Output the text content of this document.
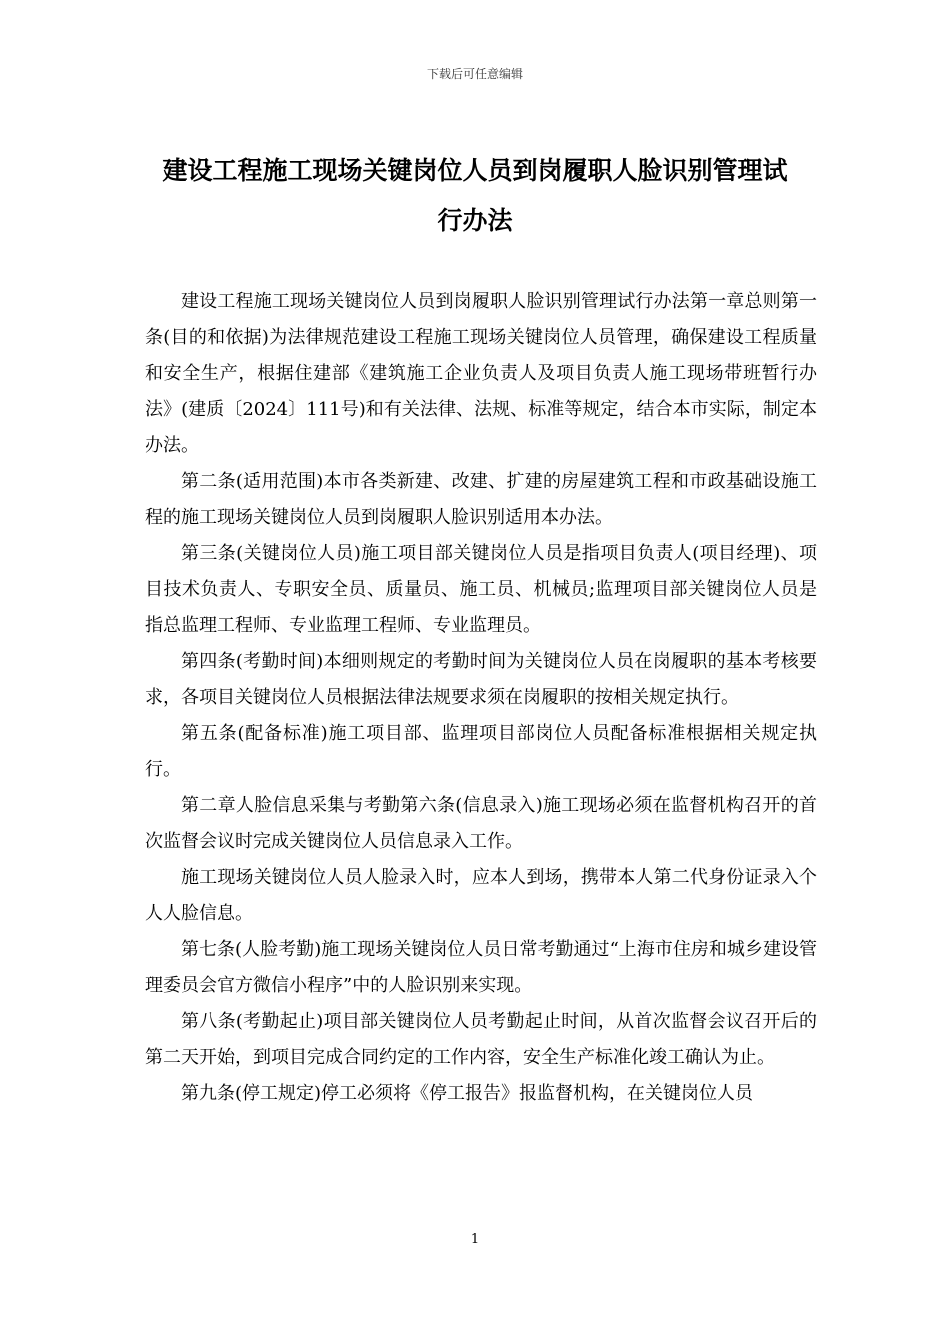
下载后可任意编辑
建设工程施工现场关键岗位人员到岗履职人脸识别管理试
行办法

建设工程施工现场关键岗位人员到岗履职人脸识别管理试行办法第一章总则第一条(目的和依据)为法律规范建设工程施工现场关键岗位人员管理，确保建设工程质量和安全生产，根据住建部《建筑施工企业负责人及项目负责人施工现场带班暂行办法》(建质〔2024〕111号)和有关法律、法规、标准等规定，结合本市实际，制定本办法。

第二条(适用范围)本市各类新建、改建、扩建的房屋建筑工程和市政基础设施工程的施工现场关键岗位人员到岗履职人脸识别适用本办法。

第三条(关键岗位人员)施工项目部关键岗位人员是指项目负责人(项目经理)、项目技术负责人、专职安全员、质量员、施工员、机械员;监理项目部关键岗位人员是指总监理工程师、专业监理工程师、专业监理员。

第四条(考勤时间)本细则规定的考勤时间为关键岗位人员在岗履职的基本考核要求，各项目关键岗位人员根据法律法规要求须在岗履职的按相关规定执行。

第五条(配备标准)施工项目部、监理项目部岗位人员配备标准根据相关规定执行。

第二章人脸信息采集与考勤第六条(信息录入)施工现场必须在监督机构召开的首次监督会议时完成关键岗位人员信息录入工作。

施工现场关键岗位人员人脸录入时，应本人到场，携带本人第二代身份证录入个人人脸信息。

第七条(人脸考勤)施工现场关键岗位人员日常考勤通过“上海市住房和城乡建设管理委员会官方微信小程序”中的人脸识别来实现。

第八条(考勤起止)项目部关键岗位人员考勤起止时间，从首次监督会议召开后的第二天开始，到项目完成合同约定的工作内容，安全生产标准化竣工确认为止。

第九条(停工规定)停工必须将《停工报告》报监督机构，在关键岗位人员

1
